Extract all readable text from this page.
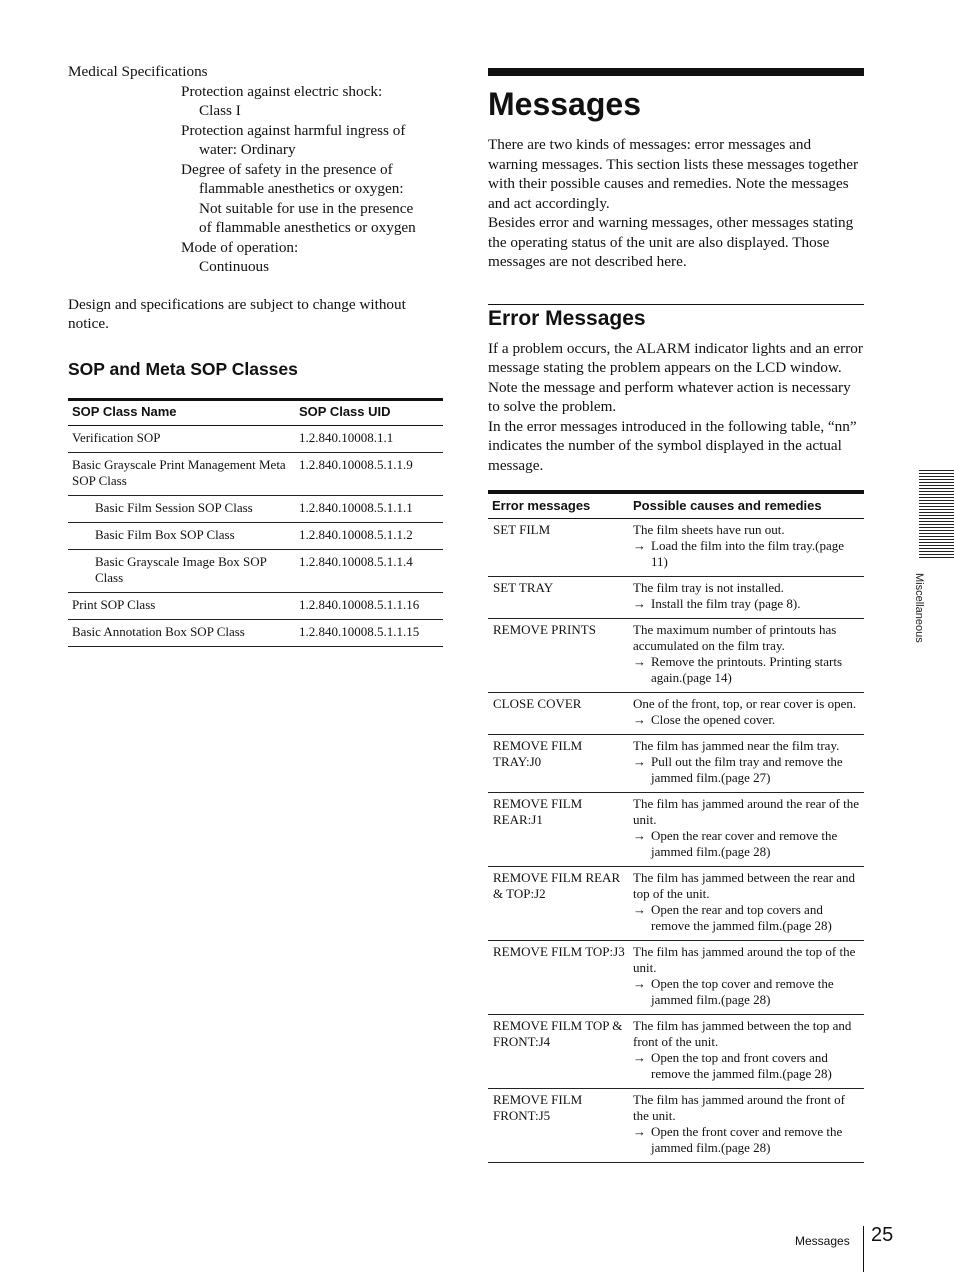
Medical Specifications
Protection against electric shock:
Class I
Protection against harmful ingress of
water: Ordinary
Degree of safety in the presence of
flammable anesthetics or oxygen:
Not suitable for use in the presence
of flammable anesthetics or oxygen
Mode of operation:
Continuous
Design and specifications are subject to change without notice.
SOP and Meta SOP Classes
SOP Class Name	SOP Class UID
Verification SOP	1.2.840.10008.1.1
Basic Grayscale Print Management Meta SOP Class	1.2.840.10008.5.1.1.9
Basic Film Session SOP Class	1.2.840.10008.5.1.1.1
Basic Film Box SOP Class	1.2.840.10008.5.1.1.2
Basic Grayscale Image Box SOP Class	1.2.840.10008.5.1.1.4
Print SOP Class	1.2.840.10008.5.1.1.16
Basic Annotation Box SOP Class	1.2.840.10008.5.1.1.15
Messages

There are two kinds of messages: error messages and warning messages. This section lists these messages together with their possible causes and remedies. Note the messages and act accordingly.

Besides error and warning messages, other messages stating the operating status of the unit are also displayed. Those messages are not described here.

Error Messages

If a problem occurs, the ALARM indicator lights and an error message stating the problem appears on the LCD window. Note the message and perform whatever action is necessary to solve the problem.

In the error messages introduced in the following table, “nn” indicates the number of the symbol displayed in the actual message.

Error messages	Possible causes and remedies
SET FILM	The film sheets have run out.
→ Load the film into the film tray.(page 11)

SET TRAY	The film tray is not installed.
→ Install the film tray (page 8).

REMOVE PRINTS	The maximum number of printouts has accumulated on the film tray.
→ Remove the printouts. Printing starts again.(page 14)

CLOSE COVER	One of the front, top, or rear cover is open.
→ Close the opened cover.

REMOVE FILM TRAY:J0	The film has jammed near the film tray.
→ Pull out the film tray and remove the jammed film.(page 27)

REMOVE FILM REAR:J1	The film has jammed around the rear of the unit.
→ Open the rear cover and remove the jammed film.(page 28)

REMOVE FILM REAR & TOP:J2	The film has jammed between the rear and top of the unit.
→ Open the rear and top covers and remove the jammed film.(page 28)

REMOVE FILM TOP:J3	The film has jammed around the top of the unit.
→ Open the top cover and remove the jammed film.(page 28)

REMOVE FILM TOP & FRONT:J4	The film has jammed between the top and front of the unit.
→ Open the top and front covers and remove the jammed film.(page 28)

REMOVE FILM FRONT:J5	The film has jammed around the front of the unit.
→ Open the front cover and remove the jammed film.(page 28)
Miscellaneous
Messages 25
